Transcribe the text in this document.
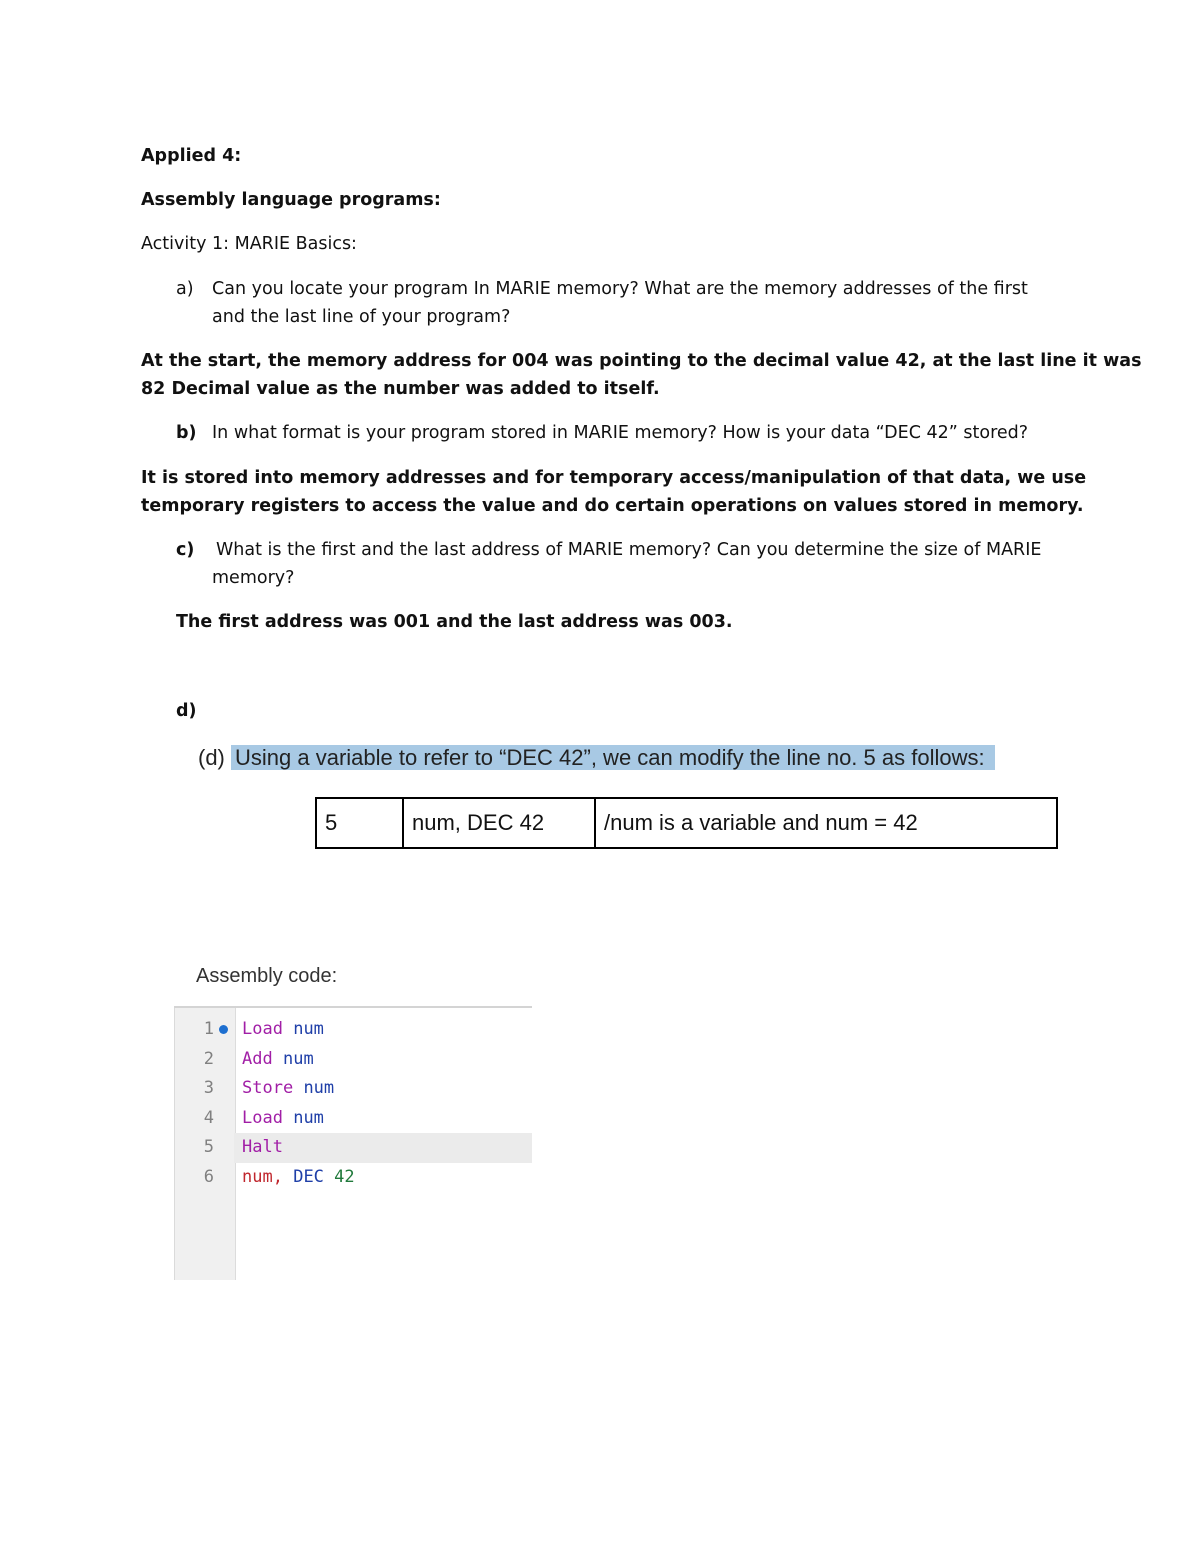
Applied 4:
Assembly language programs:
Activity 1: MARIE Basics:
a) Can you locate your program In MARIE memory? What are the memory addresses of the first
and the last line of your program?
At the start, the memory address for 004 was pointing to the decimal value 42, at the last line it was
82 Decimal value as the number was added to itself.
b) In what format is your program stored in MARIE memory? How is your data “DEC 42” stored?
It is stored into memory addresses and for temporary access/manipulation of that data, we use
temporary registers to access the value and do certain operations on values stored in memory.
c) What is the first and the last address of MARIE memory? Can you determine the size of MARIE
memory?
The first address was 001 and the last address was 003.
d)
(d) Using a variable to refer to “DEC 42”, we can modify the line no. 5 as follows:
5	num, DEC 42	/num is a variable and num = 42
Assembly code:
1 Load num
2 Add num
3 Store num
4 Load num
5 Halt
6 num, DEC 42
